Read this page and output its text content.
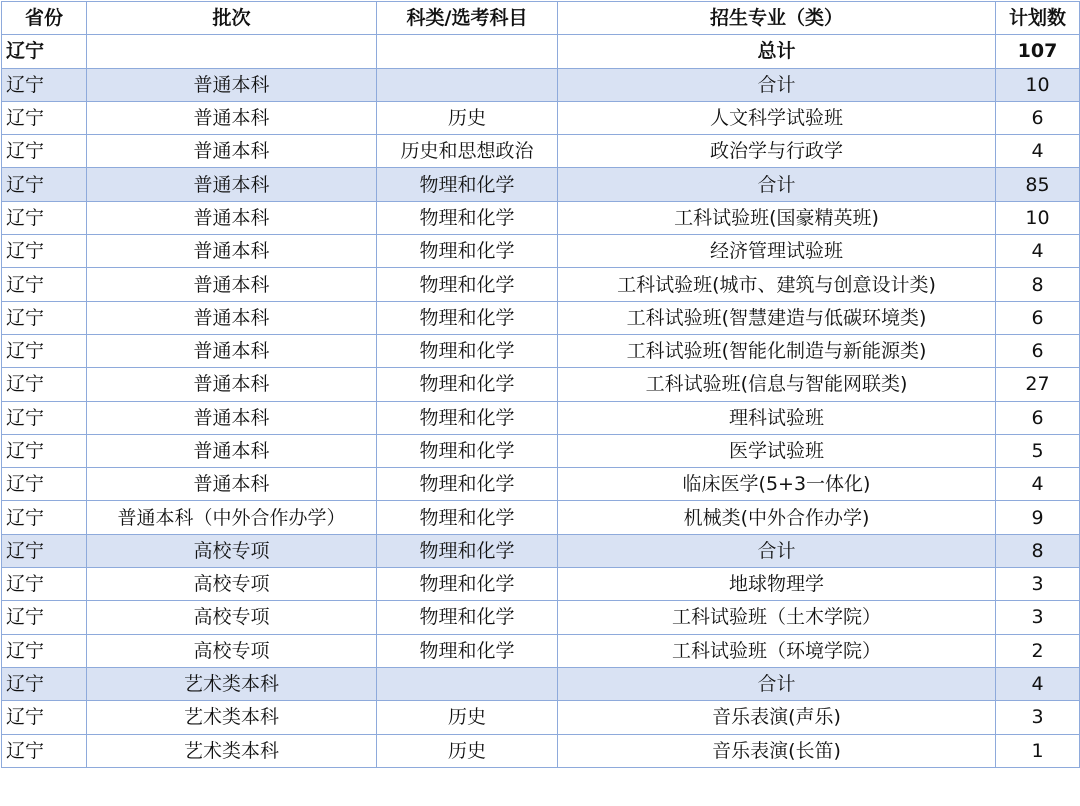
省份	批次	科类/选考科目	招生专业（类）	计划数
辽宁			总计	107
辽宁	普通本科		合计	10
辽宁	普通本科	历史	人文科学试验班	6
辽宁	普通本科	历史和思想政治	政治学与行政学	4
辽宁	普通本科	物理和化学	合计	85
辽宁	普通本科	物理和化学	工科试验班(国豪精英班)	10
辽宁	普通本科	物理和化学	经济管理试验班	4
辽宁	普通本科	物理和化学	工科试验班(城市、建筑与创意设计类)	8
辽宁	普通本科	物理和化学	工科试验班(智慧建造与低碳环境类)	6
辽宁	普通本科	物理和化学	工科试验班(智能化制造与新能源类)	6
辽宁	普通本科	物理和化学	工科试验班(信息与智能网联类)	27
辽宁	普通本科	物理和化学	理科试验班	6
辽宁	普通本科	物理和化学	医学试验班	5
辽宁	普通本科	物理和化学	临床医学(5+3一体化)	4
辽宁	普通本科（中外合作办学）	物理和化学	机械类(中外合作办学)	9
辽宁	高校专项	物理和化学	合计	8
辽宁	高校专项	物理和化学	地球物理学	3
辽宁	高校专项	物理和化学	工科试验班（土木学院）	3
辽宁	高校专项	物理和化学	工科试验班（环境学院）	2
辽宁	艺术类本科		合计	4
辽宁	艺术类本科	历史	音乐表演(声乐)	3
辽宁	艺术类本科	历史	音乐表演(长笛)	1
